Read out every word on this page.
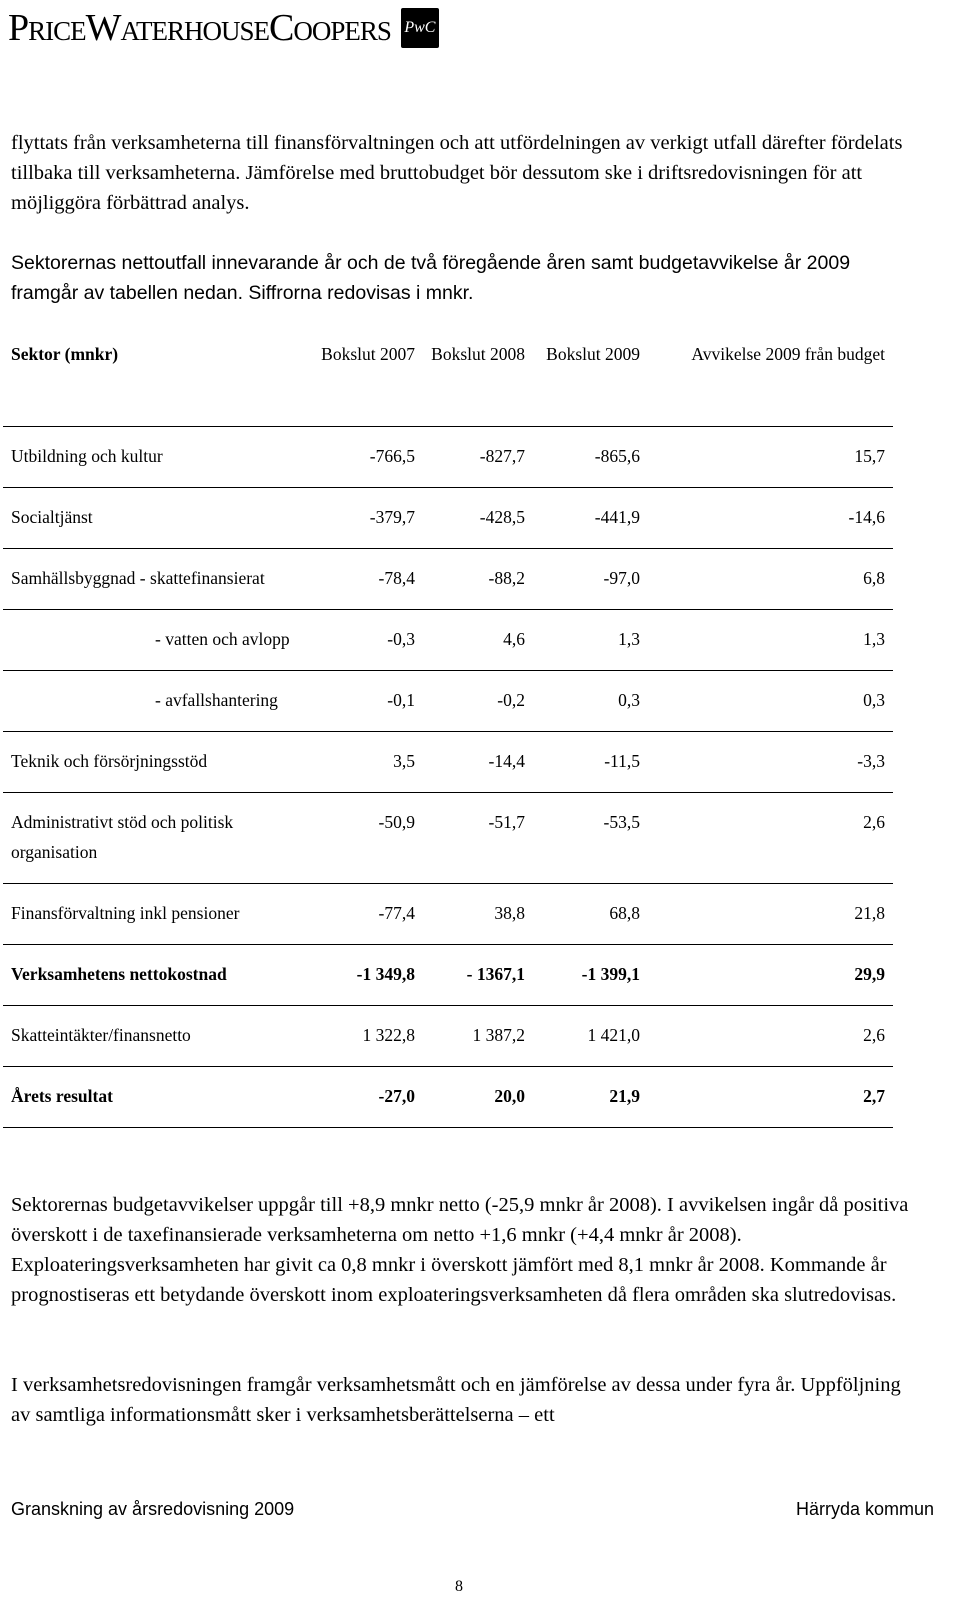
PriceWaterhouseCoopers PwC

flyttats från verksamheterna till finansförvaltningen och att utfördelningen av verkigt utfall därefter fördelats tillbaka till verksamheterna. Jämförelse med bruttobudget bör dessutom ske i driftsredovisningen för att möjliggöra förbättrad analys.

Sektorernas nettoutfall innevarande år och de två föregående åren samt budgetavvikelse år 2009 framgår av tabellen nedan. Siffrorna redovisas i mnkr.

Sektor (mnkr)	Bokslut 2007	Bokslut 2008	Bokslut 2009	Avvikelse 2009 från budget
Utbildning och kultur	-766,5	-827,7	-865,6	15,7
Socialtjänst	-379,7	-428,5	-441,9	-14,6
Samhällsbyggnad - skattefinansierat	-78,4	-88,2	-97,0	6,8
- vatten och avlopp	-0,3	4,6	1,3	1,3
- avfallshantering	-0,1	-0,2	0,3	0,3
Teknik och försörjningsstöd	3,5	-14,4	-11,5	-3,3
Administrativt stöd och politisk organisation	-50,9	-51,7	-53,5	2,6
Finansförvaltning inkl pensioner	-77,4	38,8	68,8	21,8
Verksamhetens nettokostnad	-1 349,8	- 1367,1	-1 399,1	29,9
Skatteintäkter/finansnetto	1 322,8	1 387,2	1 421,0	2,6
Årets resultat	-27,0	20,0	21,9	2,7

Sektorernas budgetavvikelser uppgår till +8,9 mnkr netto (-25,9 mnkr år 2008). I avvikelsen ingår då positiva överskott i de taxefinansierade verksamheterna om netto +1,6 mnkr (+4,4 mnkr år 2008). Exploateringsverksamheten har givit ca 0,8 mnkr i överskott jämfört med 8,1 mnkr år 2008. Kommande år prognostiseras ett betydande överskott inom exploateringsverksamheten då flera områden ska slutredovisas.

I verksamhetsredovisningen framgår verksamhetsmått och en jämförelse av dessa under fyra år. Uppföljning av samtliga informationsmått sker i verksamhetsberättelserna – ett

Granskning av årsredovisning 2009	Härryda kommun
8
